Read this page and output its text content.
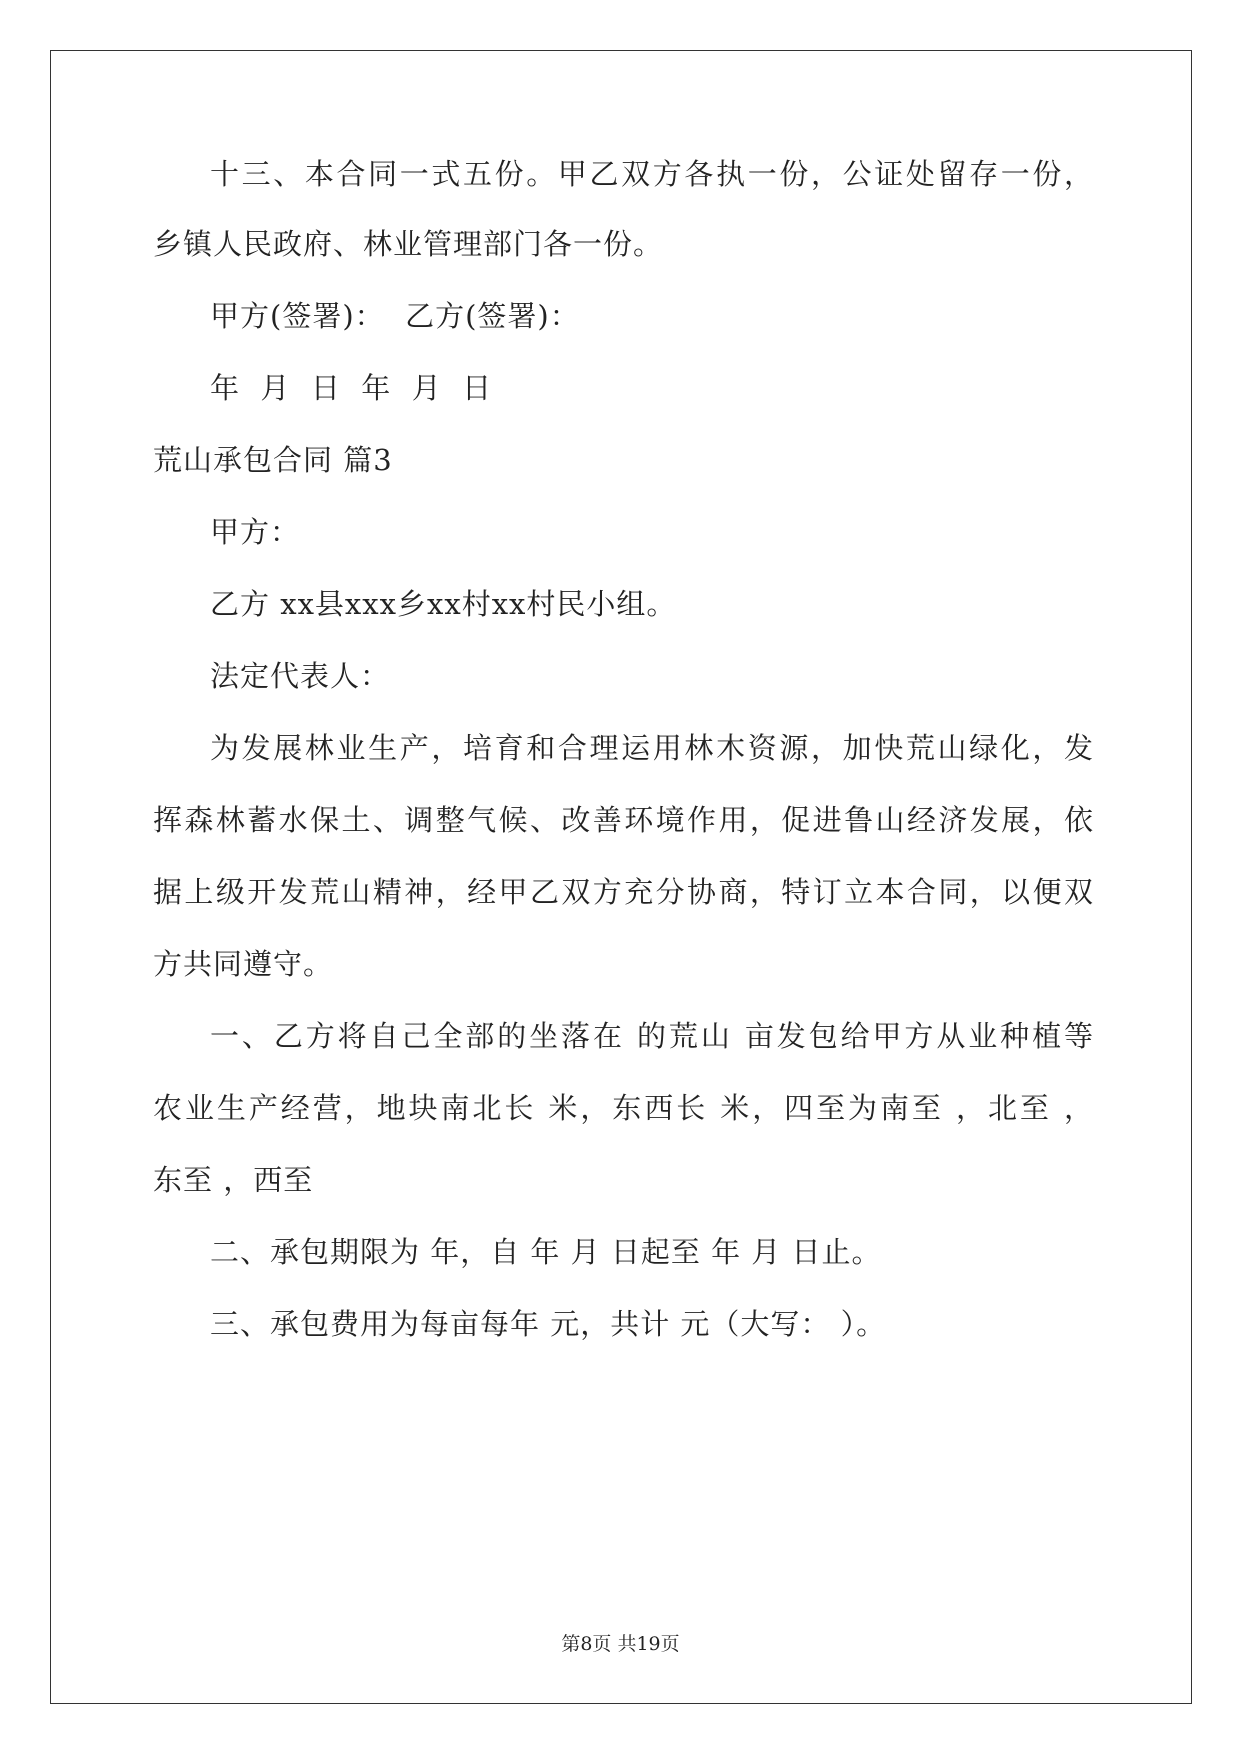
十三、本合同一式五份。甲乙双方各执一份，公证处留存一份，

乡镇人民政府、林业管理部门各一份。

甲方(签署)：  乙方(签署)：

年  月  日  年  月  日

荒山承包合同 篇3

甲方：

乙方 xx县xxx乡xx村xx村民小组。

法定代表人：

为发展林业生产，培育和合理运用林木资源，加快荒山绿化，发
挥森林蓄水保土、调整气候、改善环境作用，促进鲁山经济发展，依
据上级开发荒山精神，经甲乙双方充分协商，特订立本合同，以便双

方共同遵守。

一、乙方将自己全部的坐落在 的荒山 亩发包给甲方从业种植等
农业生产经营，地块南北长 米，东西长 米，四至为南至 ，北至 ，

东至 ，西至

二、承包期限为 年，自 年 月 日起至 年 月 日止。

三、承包费用为每亩每年 元，共计 元（大写： ）。

第8页 共19页
